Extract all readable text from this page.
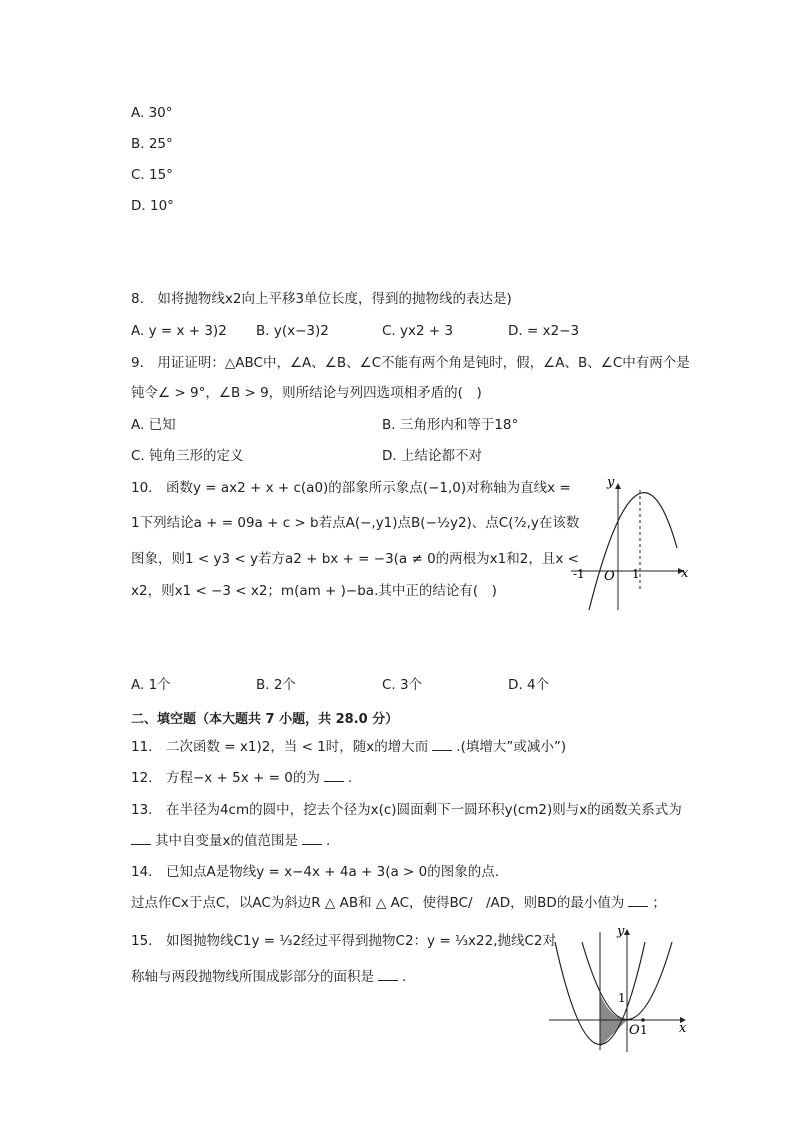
A. 30°
B. 25°
C. 15°
D. 10°
8.　如将抛物线x2向上平移3单位长度，得到的抛物线的表达是)
A. y = x + 3)2 B. y(x−3)2	C. yx2 + 3	D. = x2−3
9.　用证证明：△ABC中，∠A、∠B、∠C不能有两个角是钝时，假，∠A、B、∠C中有两个是
钝令∠ > 9°，∠B > 9，则所结论与列四选项相矛盾的(　)
A. 已知	B. 三角形内和等于18°
C. 钝角三形的定义	D. 上结论都不对
10.　函数y = ax2 + x + c(a0)的部象所示象点(−1,0)对称轴为直线x =
1下列结论a + = 09a + c > b若点A(−,y1)点B(−½y2)、点C(⁷⁄₂,y在该数
图象，则1 < y3 < y若方a2 + bx + = −3(a ≠ 0的两根为x1和2，且x <
x2，则x1 < −3 < x2；m(am + )−ba.其中正的结论有(　)
y
x
O
-1	1
A. 1个	B. 2个	C. 3个	D. 4个
二、填空题（本大题共 7 小题，共 28.0 分）
11.　二次函数 = x1)2，当 < 1时，随x的增大而 .(填增大”或减小”)
12.　方程−x + 5x + = 0的为 .
13.　在半径为4cm的圆中，挖去个径为x(c)圆面剩下一圆环积y(cm2)则与x的函数关系式为
其中自变量x的值范围是 .
14.　已知点A是物线y = x−4x + 4a + 3(a > 0的图象的点．
过点作Cx于点C，以AC为斜边R △ AB和 △ AC，使得BC/　/AD，则BD的最小值为 ；
15.　如图抛物线C1y = ⅓2经过平得到抛物C2：y = ⅓x22,抛线C2对
称轴与两段抛物线所围成影部分的面积是 .
y
x
O 1
1
